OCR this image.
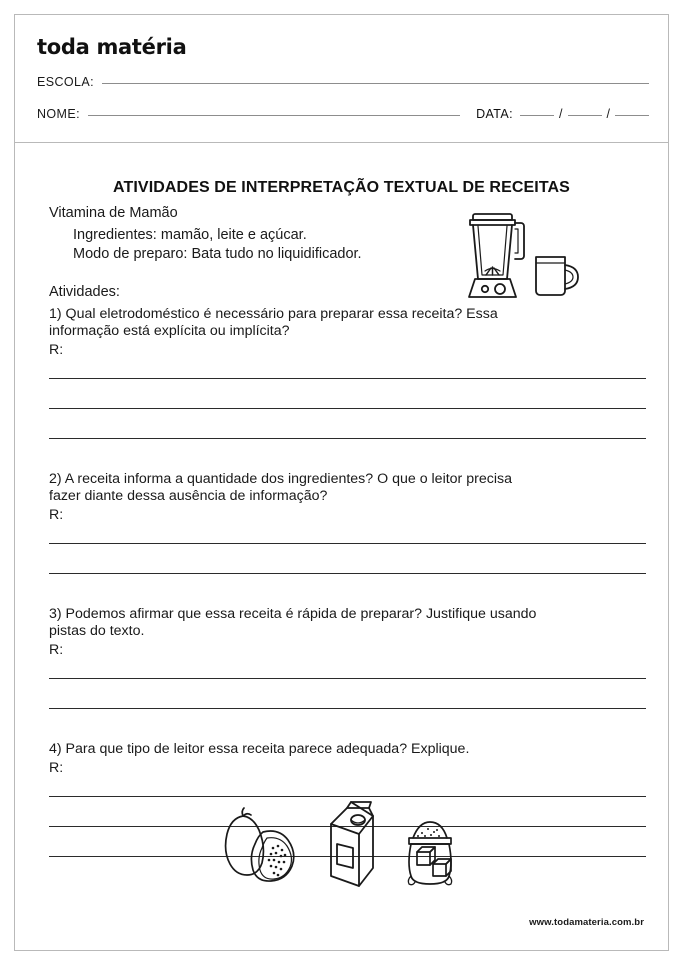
toda matéria
ESCOLA:
NOME:	DATA:	/	/
ATIVIDADES DE INTERPRETAÇÃO TEXTUAL DE RECEITAS

Vitamina de Mamão

Ingredientes: mamão, leite e açúcar.

Modo de preparo: Bata tudo no liquidificador.

Atividades:

1) Qual eletrodoméstico é necessário para preparar essa receita? Essa

informação está explícita ou implícita?

R:

2) A receita informa a quantidade dos ingredientes? O que o leitor precisa

fazer diante dessa ausência de informação?

R:

3) Podemos afirmar que essa receita é rápida de preparar? Justifique usando

pistas do texto.

R:

4) Para que tipo de leitor essa receita parece adequada? Explique.

R:

www.todamateria.com.br
